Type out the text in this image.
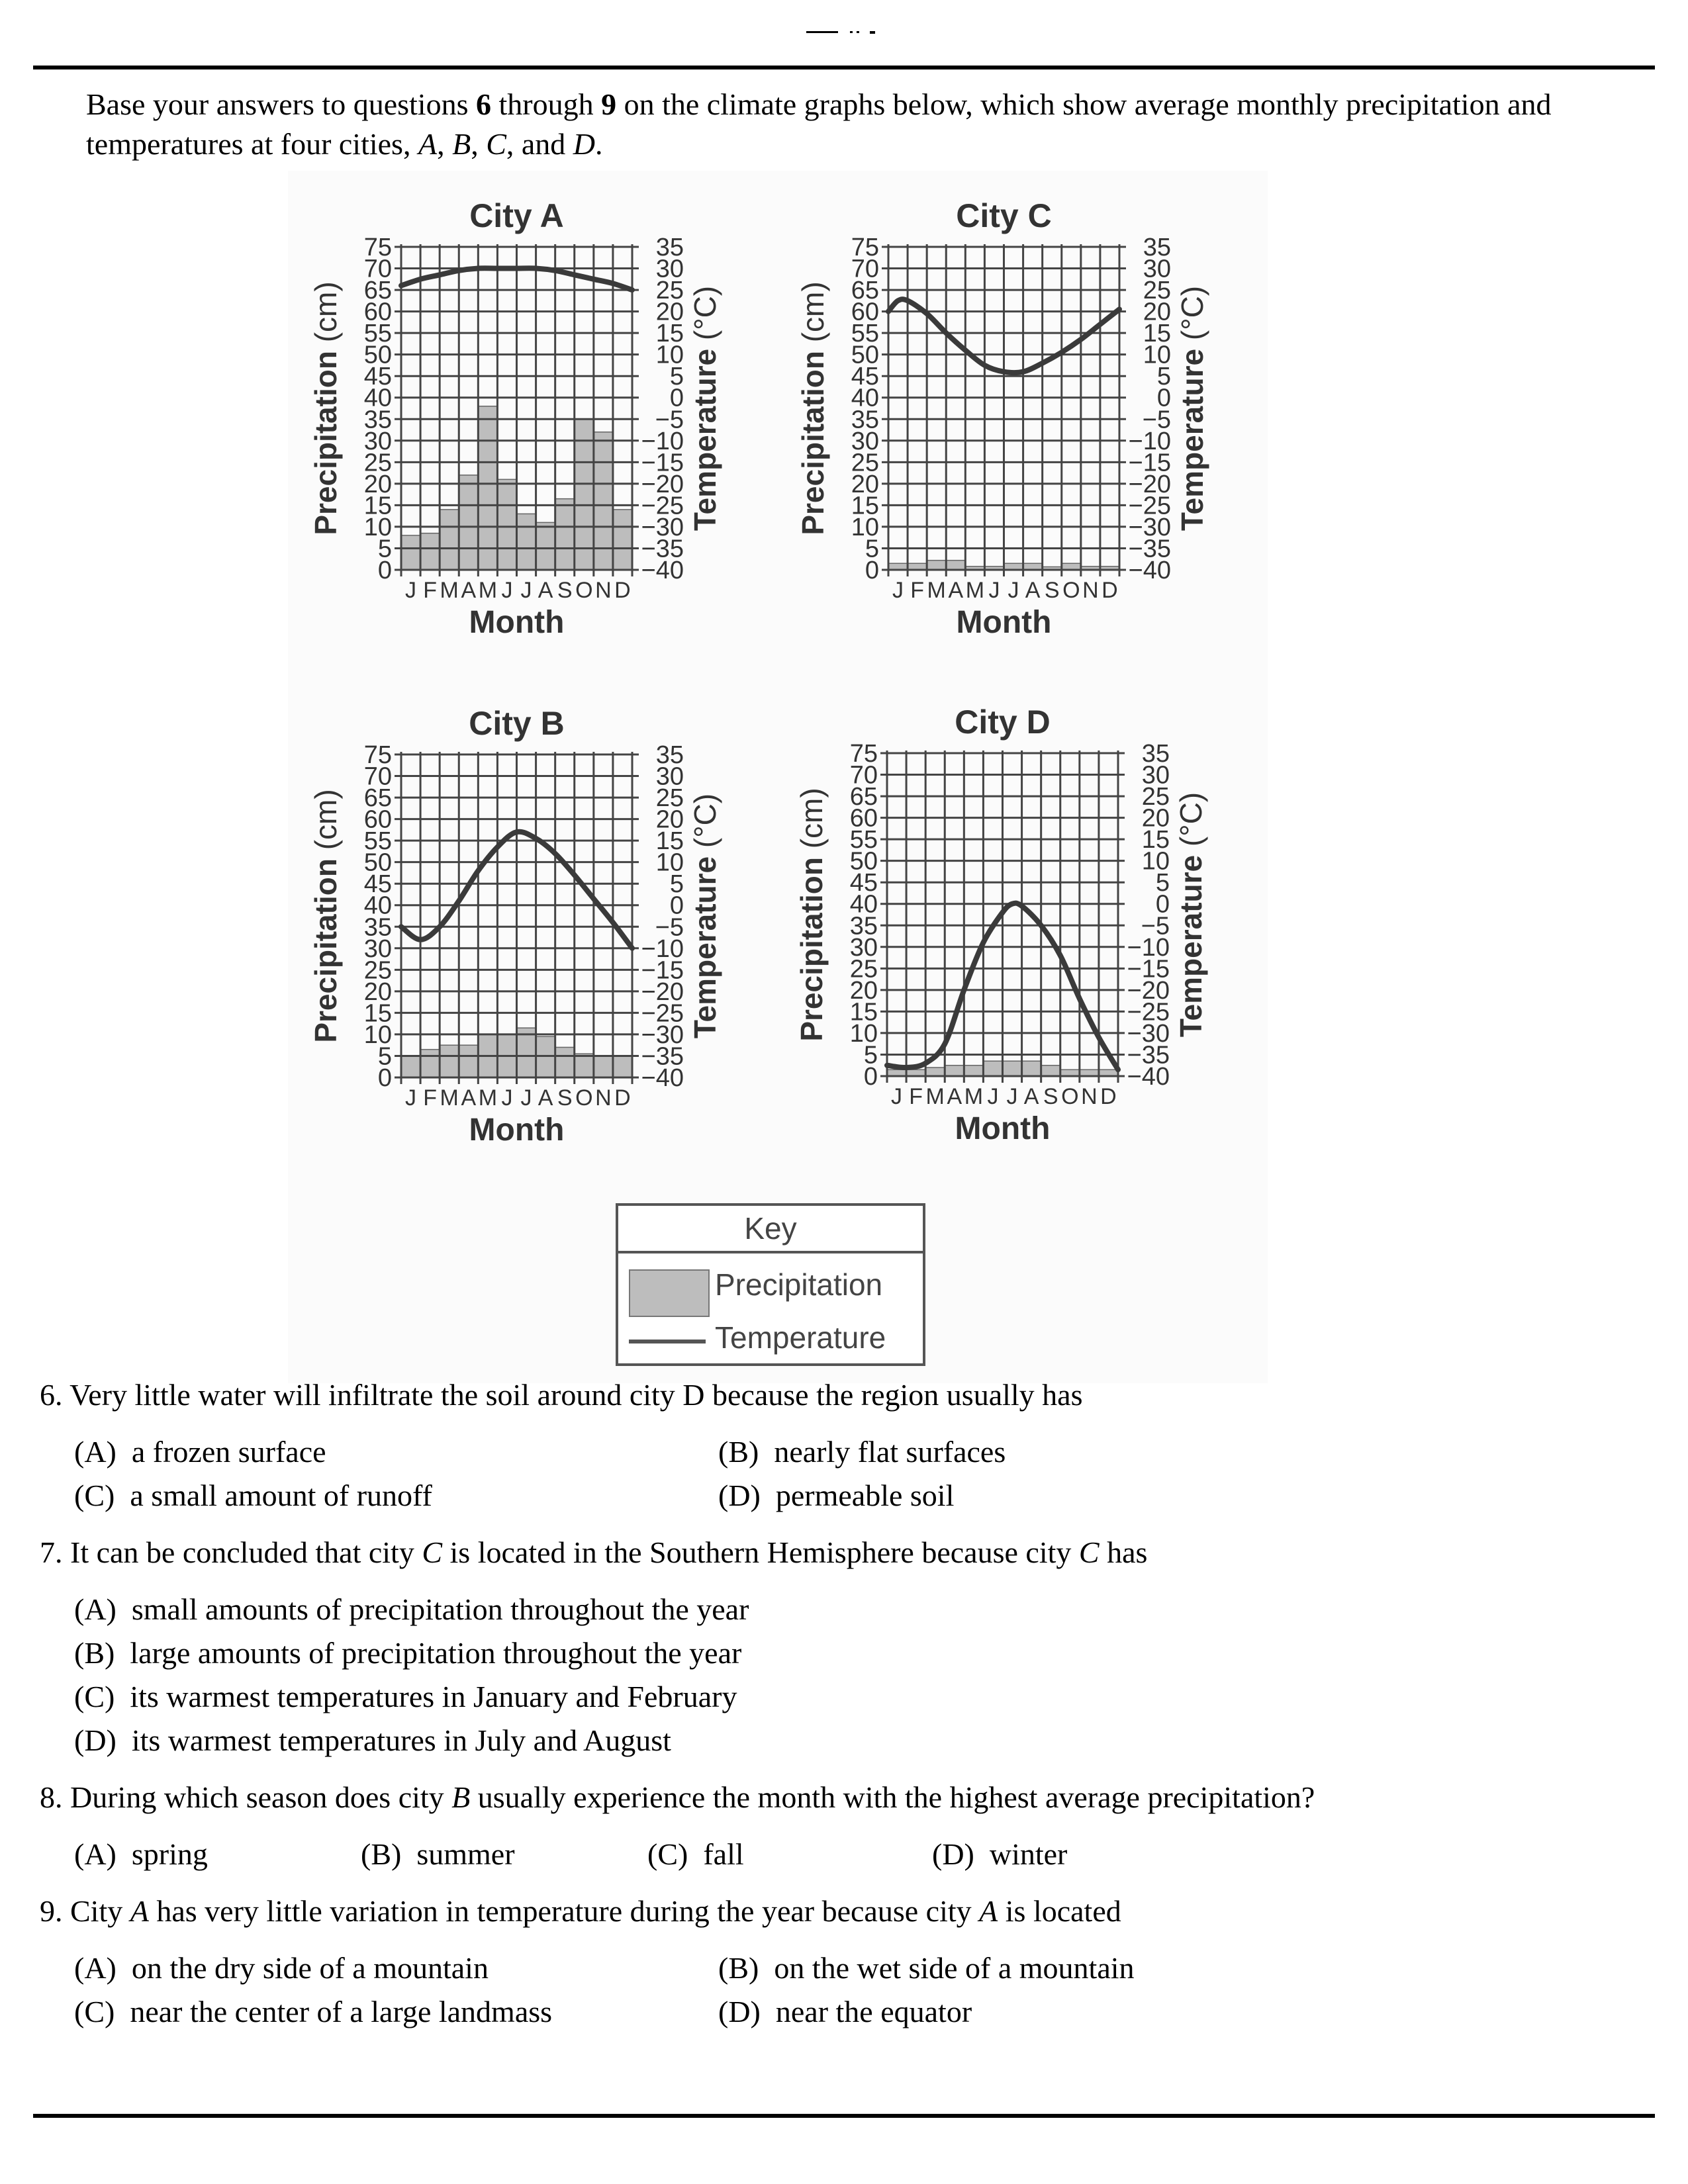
Base your answers to questions 6 through 9 on the climate graphs below, which show average monthly precipitation and temperatures at four cities, A, B, C, and D.
0
5
10
15
20
25
30
35
40
45
50
55
60
65
70
75
−40
−35
−30
−25
−20
−15
−10
−5
0
5
10
15
20
25
30
35
J F M A M J J A S O N D
City A
Month
Precipitation (cm)
Temperature (°C)
0
5
10
15
20
25
30
35
40
45
50
55
60
65
70
75
−40
−35
−30
−25
−20
−15
−10
−5
0
5
10
15
20
25
30
35
J F M A M J J A S O N D
City C
Month
Precipitation (cm)
Temperature (°C)
0
5
10
15
20
25
30
35
40
45
50
55
60
65
70
75
−40
−35
−30
−25
−20
−15
−10
−5
0
5
10
15
20
25
30
35
J F M A M J J A S O N D
City B
Month
Precipitation (cm)
Temperature (°C)
0
5
10
15
20
25
30
35
40
45
50
55
60
65
70
75
−40
−35
−30
−25
−20
−15
−10
−5
0
5
10
15
20
25
30
35
J F M A M J J A S O N D
City D
Month
Precipitation (cm)
Temperature (°C)
Key
Precipitation
Temperature
6. Very little water will infiltrate the soil around city D because the region usually has
(A) a frozen surface	(B) nearly flat surfaces
(C) a small amount of runoff	(D) permeable soil
7. It can be concluded that city C is located in the Southern Hemisphere because city C has
(A) small amounts of precipitation throughout the year
(B) large amounts of precipitation throughout the year
(C) its warmest temperatures in January and February
(D) its warmest temperatures in July and August
8. During which season does city B usually experience the month with the highest average precipitation?
(A) spring	(B) summer	(C) fall	(D) winter
9. City A has very little variation in temperature during the year because city A is located
(A) on the dry side of a mountain	(B) on the wet side of a mountain
(C) near the center of a large landmass	(D) near the equator
